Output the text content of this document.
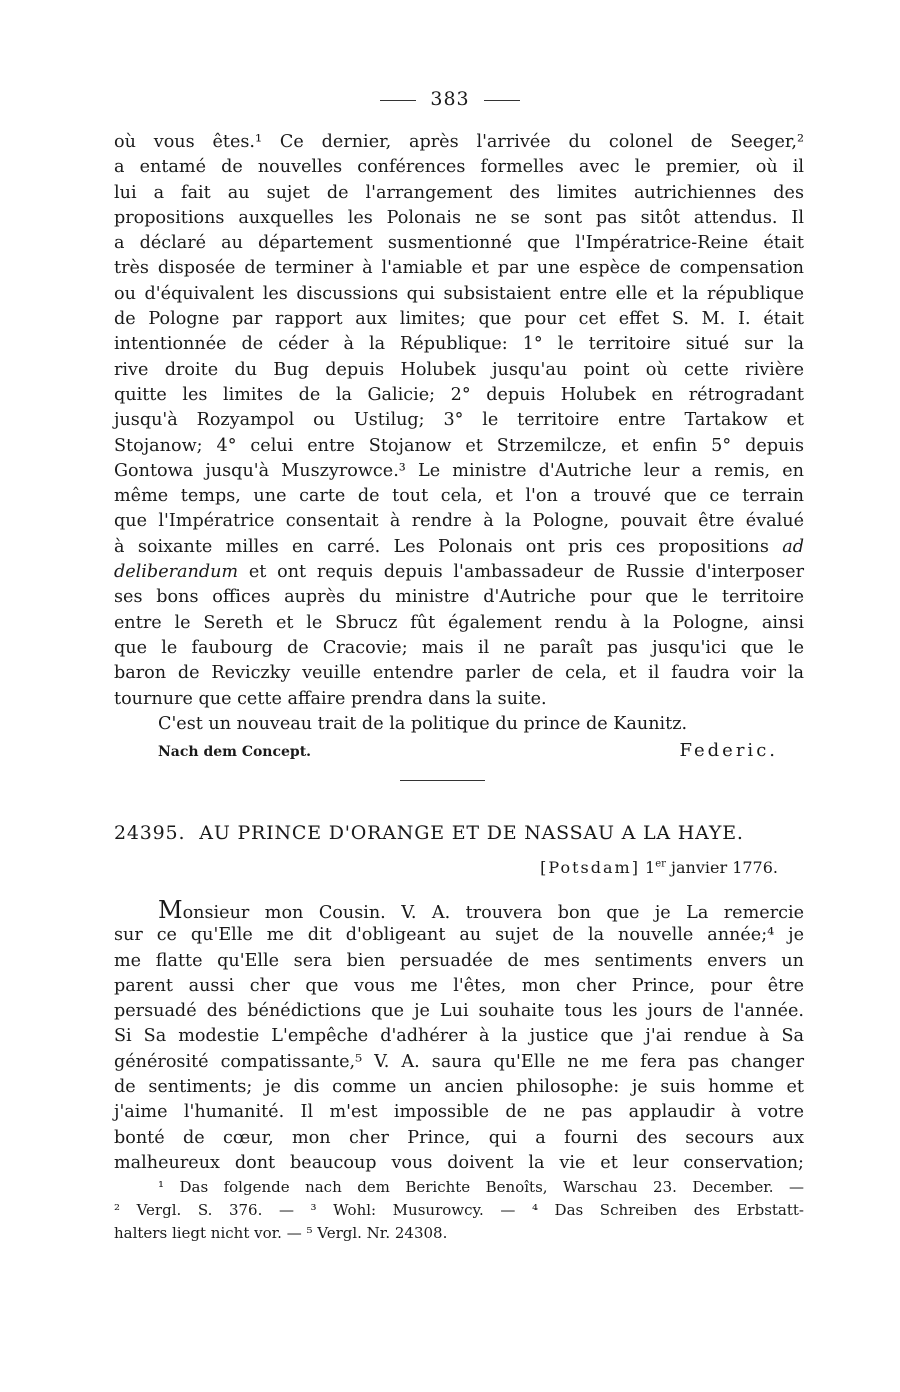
383
où vous êtes.¹ Ce dernier, après l'arrivée du colonel de Seeger,²
a entamé de nouvelles conférences formelles avec le premier, où il
lui a fait au sujet de l'arrangement des limites autrichiennes des
propositions auxquelles les Polonais ne se sont pas sitôt attendus. Il
a déclaré au département susmentionné que l'Impératrice-Reine était
très disposée de terminer à l'amiable et par une espèce de compensation
ou d'équivalent les discussions qui subsistaient entre elle et la république
de Pologne par rapport aux limites; que pour cet effet S. M. I. était
intentionnée de céder à la République: 1° le territoire situé sur la
rive droite du Bug depuis Holubek jusqu'au point où cette rivière
quitte les limites de la Galicie; 2° depuis Holubek en rétrogradant
jusqu'à Rozyampol ou Ustilug; 3° le territoire entre Tartakow et
Stojanow; 4° celui entre Stojanow et Strzemilcze, et enfin 5° depuis
Gontowa jusqu'à Muszyrowce.³ Le ministre d'Autriche leur a remis, en
même temps, une carte de tout cela, et l'on a trouvé que ce terrain
que l'Impératrice consentait à rendre à la Pologne, pouvait être évalué
à soixante milles en carré. Les Polonais ont pris ces propositions ad
deliberandum et ont requis depuis l'ambassadeur de Russie d'interposer
ses bons offices auprès du ministre d'Autriche pour que le territoire
entre le Sereth et le Sbrucz fût également rendu à la Pologne, ainsi
que le faubourg de Cracovie; mais il ne paraît pas jusqu'ici que le
baron de Reviczky veuille entendre parler de cela, et il faudra voir la
tournure que cette affaire prendra dans la suite.
C'est un nouveau trait de la politique du prince de Kaunitz.
Nach dem Concept.	Federic.
24395. AU PRINCE D'ORANGE ET DE NASSAU A LA HAYE.
[Potsdam] 1er janvier 1776.
Monsieur mon Cousin. V. A. trouvera bon que je La remercie
sur ce qu'Elle me dit d'obligeant au sujet de la nouvelle année;⁴ je
me flatte qu'Elle sera bien persuadée de mes sentiments envers un
parent aussi cher que vous me l'êtes, mon cher Prince, pour être
persuadé des bénédictions que je Lui souhaite tous les jours de l'année.
Si Sa modestie L'empêche d'adhérer à la justice que j'ai rendue à Sa
générosité compatissante,⁵ V. A. saura qu'Elle ne me fera pas changer
de sentiments; je dis comme un ancien philosophe: je suis homme et
j'aime l'humanité. Il m'est impossible de ne pas applaudir à votre
bonté de cœur, mon cher Prince, qui a fourni des secours aux
malheureux dont beaucoup vous doivent la vie et leur conservation;
¹ Das folgende nach dem Berichte Benoîts, Warschau 23. December. —
² Vergl. S. 376. — ³ Wohl: Musurowcy. — ⁴ Das Schreiben des Erbstatt-
halters liegt nicht vor. — ⁵ Vergl. Nr. 24308.
